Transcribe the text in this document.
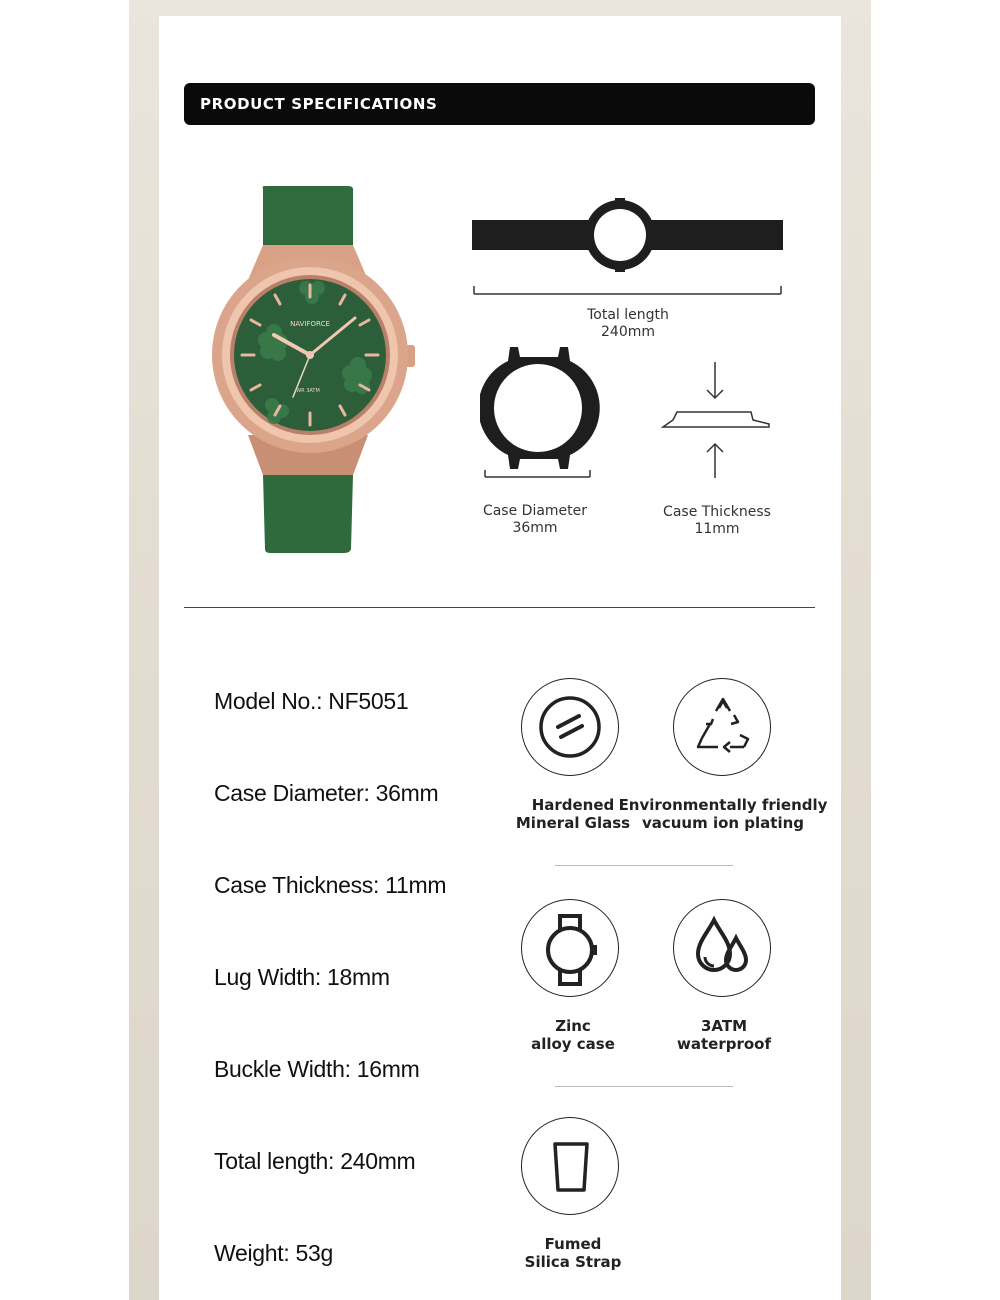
PRODUCT SPECIFICATIONS
NAVIFORCE
WR 3ATM
Total length
240mm
Case Diameter
36mm
Case Thickness
11mm
Model No.: NF5051
Case Diameter: 36mm
Case Thickness: 11mm
Lug Width: 18mm
Buckle Width: 16mm
Total length: 240mm
Weight: 53g
Hardened
Mineral Glass
Environmentally friendly
vacuum ion plating
Zinc
alloy case
3ATM
waterproof
Fumed
Silica Strap
